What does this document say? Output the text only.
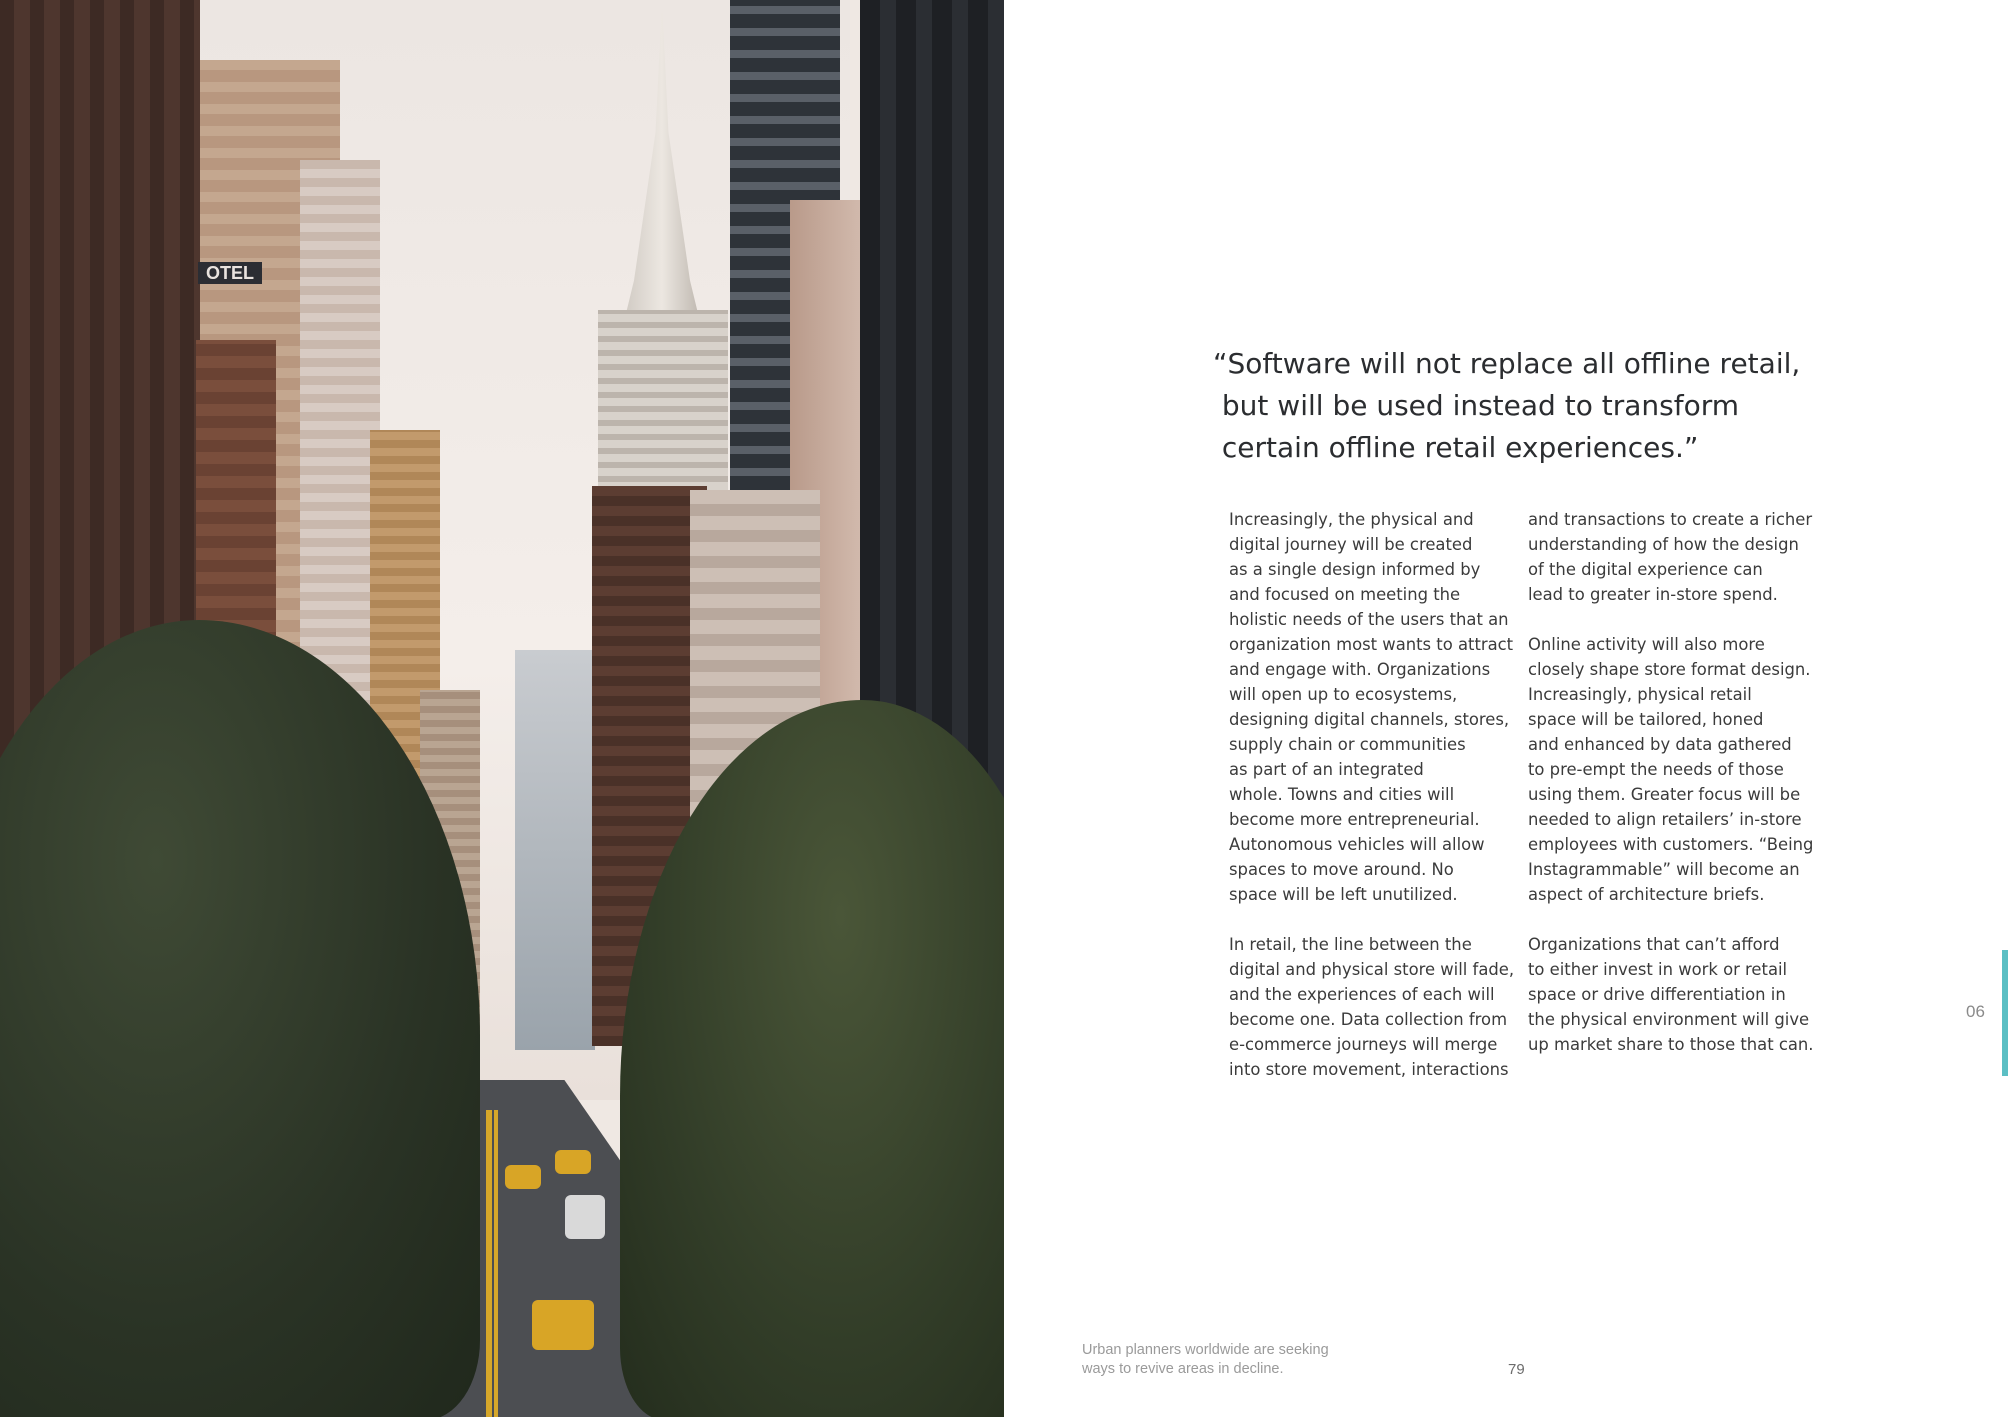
OTEL
“Software will not replace all offline retail,
but will be used instead to transform
certain offline retail experiences.”
Increasingly, the physical and
digital journey will be created
as a single design informed by
and focused on meeting the
holistic needs of the users that an
organization most wants to attract
and engage with. Organizations
will open up to ecosystems,
designing digital channels, stores,
supply chain or communities
as part of an integrated
whole. Towns and cities will
become more entrepreneurial.
Autonomous vehicles will allow
spaces to move around. No
space will be left unutilized.
In retail, the line between the
digital and physical store will fade,
and the experiences of each will
become one. Data collection from
e-commerce journeys will merge
into store movement, interactions
and transactions to create a richer
understanding of how the design
of the digital experience can
lead to greater in-store spend.
Online activity will also more
closely shape store format design.
Increasingly, physical retail
space will be tailored, honed
and enhanced by data gathered
to pre-empt the needs of those
using them. Greater focus will be
needed to align retailers’ in-store
employees with customers. “Being
Instagrammable” will become an
aspect of architecture briefs.
Organizations that can’t afford
to either invest in work or retail
space or drive differentiation in
the physical environment will give
up market share to those that can.
Urban planners worldwide are seeking
ways to revive areas in decline.	79
06
